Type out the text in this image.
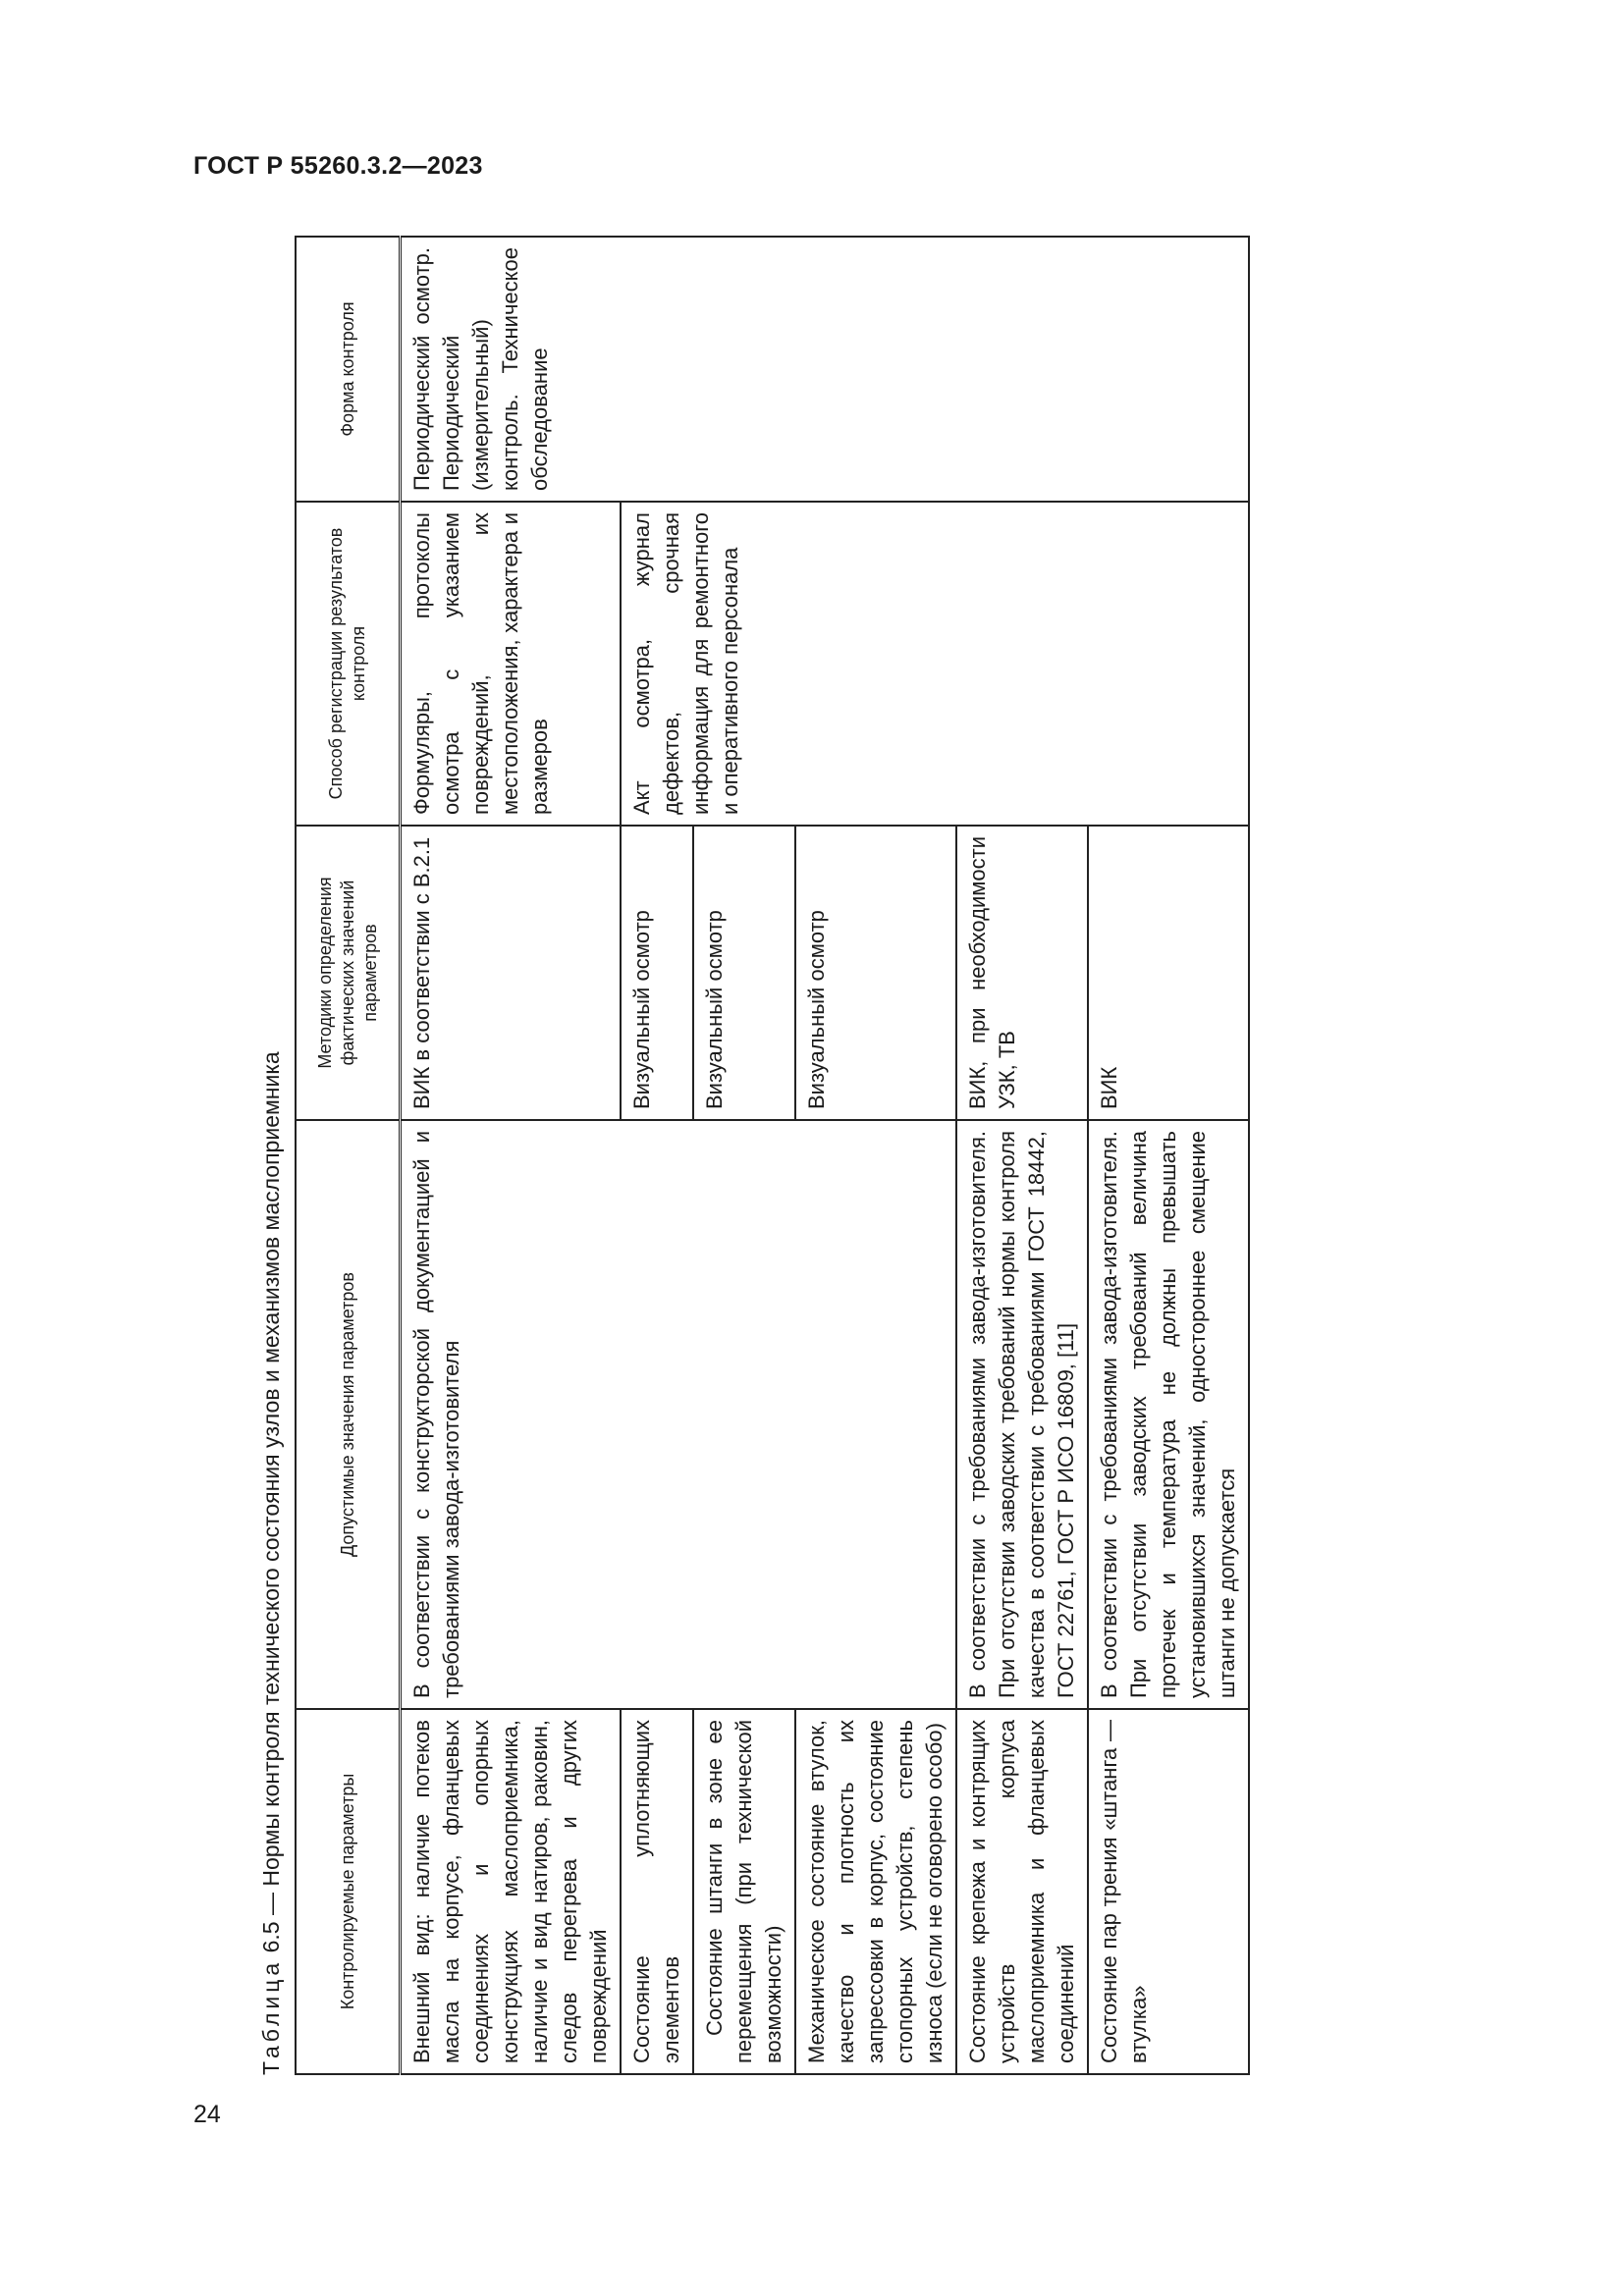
ГОСТ Р 55260.3.2—2023
24
Таблица 6.5 — Нормы контроля технического состояния узлов и механизмов маслоприемника	Контролируемые параметры	Допустимые значения параметров	Методики определения фактических значений параметров	Способ регистрации результатов контроля	Форма контроля
Внешний вид: наличие потеков масла на корпусе, фланцевых соединениях и опорных конструкциях маслоприемника, наличие и вид натиров, раковин, следов перегрева и других повреждений	В соответствии с конструкторской документацией и требованиями завода-изготовителя	ВИК в соответствии с В.2.1	Формуляры, протоколы осмотра с указанием повреждений, их местоположения, характера и размеров	Периодический осмотр. Периодический (измерительный) контроль. Техническое обследование
Состояние уплотняющих элементов		Визуальный осмотр	Акт осмотра, журнал дефектов, срочная информация для ремонтного и оперативного персонала	
Состояние штанги в зоне ее перемещения (при технической возможности)		Визуальный осмотр		
Механическое состояние втулок, качество и плотность их запрессовки в корпус, состояние стопорных устройств, степень износа (если не оговорено особо)		Визуальный осмотр		
Состояние крепежа и контрящих устройств корпуса маслоприемника и фланцевых соединений	В соответствии с требованиями завода-изготовителя. При отсутствии заводских требований нормы контроля качества в соответствии с требованиями ГОСТ 18442, ГОСТ 22761, ГОСТ Р ИСО 16809, [11]	ВИК, при необходимости УЗК, ТВ		
Состояние пар трения «штанга — втулка»	В соответствии с требованиями завода-изготовителя. При отсутствии заводских требований величина протечек и температура не должны превышать установившихся значений, одностороннее смещение штанги не допускается	ВИК		
